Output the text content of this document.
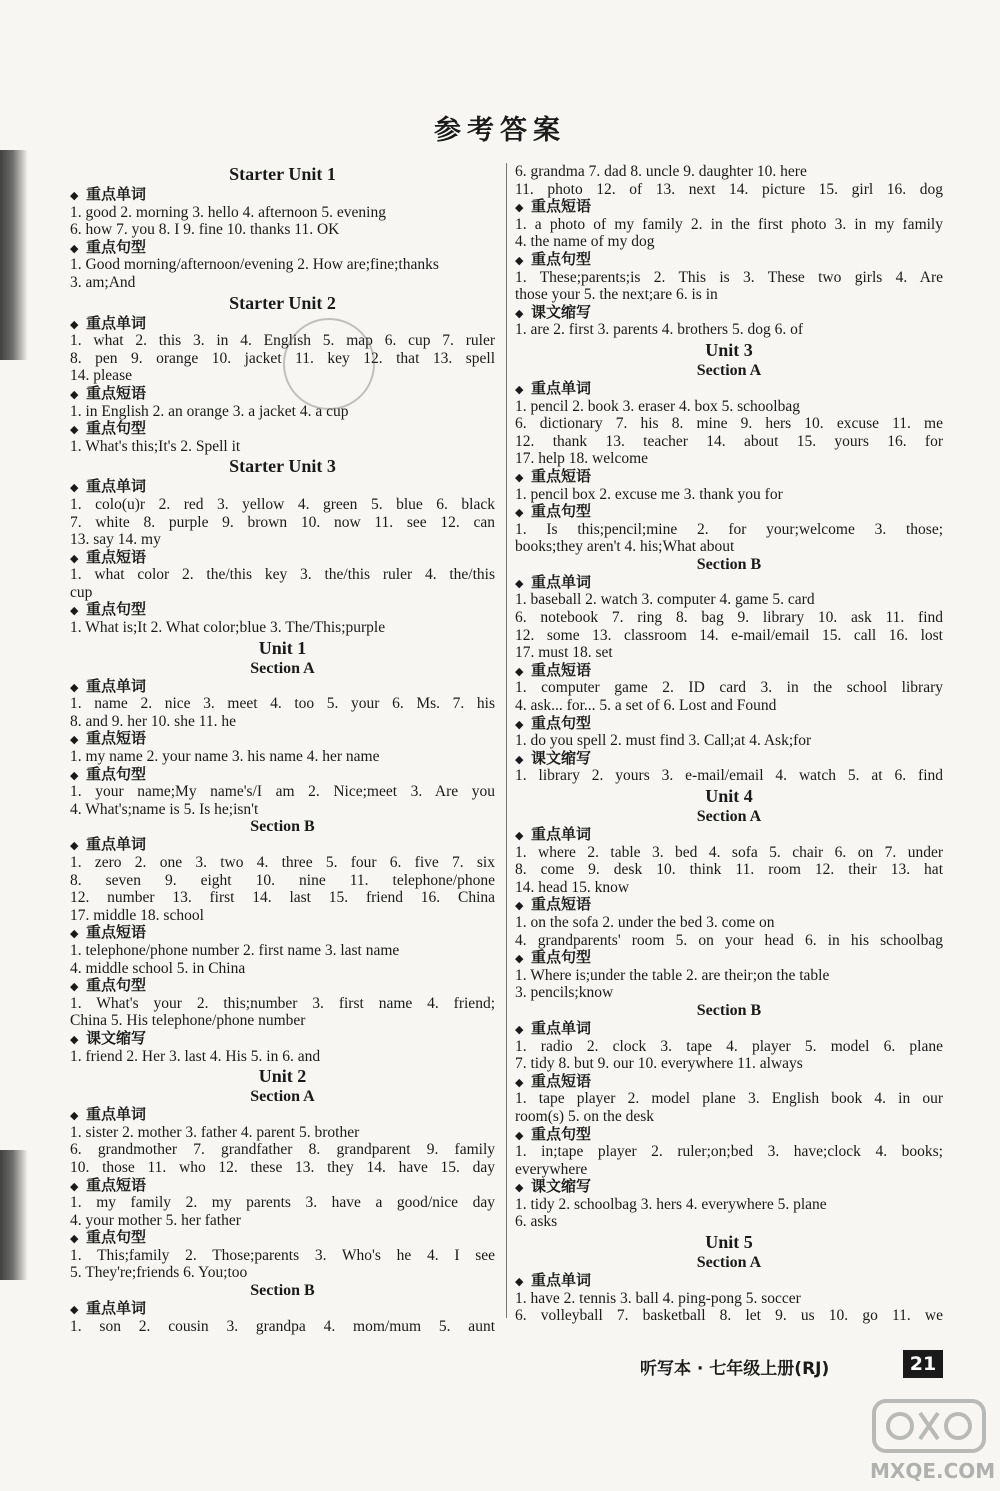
参考答案
Starter Unit 1
◆ 重点单词
1. good 2. morning 3. hello 4. afternoon 5. evening
6. how 7. you 8. I 9. fine 10. thanks 11. OK
◆ 重点句型
1. Good morning/afternoon/evening 2. How are;fine;thanks
3. am;And
Starter Unit 2
◆ 重点单词
1. what 2. this 3. in 4. English 5. map 6. cup 7. ruler
8. pen 9. orange 10. jacket 11. key 12. that 13. spell
14. please
◆ 重点短语
1. in English 2. an orange 3. a jacket 4. a cup
◆ 重点句型
1. What's this;It's 2. Spell it
Starter Unit 3
◆ 重点单词
1. colo(u)r 2. red 3. yellow 4. green 5. blue 6. black
7. white 8. purple 9. brown 10. now 11. see 12. can
13. say 14. my
◆ 重点短语
1. what color 2. the/this key 3. the/this ruler 4. the/this
cup
◆ 重点句型
1. What is;It 2. What color;blue 3. The/This;purple
Unit 1
Section A
◆ 重点单词
1. name 2. nice 3. meet 4. too 5. your 6. Ms. 7. his
8. and 9. her 10. she 11. he
◆ 重点短语
1. my name 2. your name 3. his name 4. her name
◆ 重点句型
1. your name;My name's/I am 2. Nice;meet 3. Are you
4. What's;name is 5. Is he;isn't
Section B
◆ 重点单词
1. zero 2. one 3. two 4. three 5. four 6. five 7. six
8. seven 9. eight 10. nine 11. telephone/phone
12. number 13. first 14. last 15. friend 16. China
17. middle 18. school
◆ 重点短语
1. telephone/phone number 2. first name 3. last name
4. middle school 5. in China
◆ 重点句型
1. What's your 2. this;number 3. first name 4. friend;
China 5. His telephone/phone number
◆ 课文缩写
1. friend 2. Her 3. last 4. His 5. in 6. and
Unit 2
Section A
◆ 重点单词
1. sister 2. mother 3. father 4. parent 5. brother
6. grandmother 7. grandfather 8. grandparent 9. family
10. those 11. who 12. these 13. they 14. have 15. day
◆ 重点短语
1. my family 2. my parents 3. have a good/nice day
4. your mother 5. her father
◆ 重点句型
1. This;family 2. Those;parents 3. Who's he 4. I see
5. They're;friends 6. You;too
Section B
◆ 重点单词
1. son 2. cousin 3. grandpa 4. mom/mum 5. aunt
6. grandma 7. dad 8. uncle 9. daughter 10. here
11. photo 12. of 13. next 14. picture 15. girl 16. dog
◆ 重点短语
1. a photo of my family 2. in the first photo 3. in my family
4. the name of my dog
◆ 重点句型
1. These;parents;is 2. This is 3. These two girls 4. Are
those your 5. the next;are 6. is in
◆ 课文缩写
1. are 2. first 3. parents 4. brothers 5. dog 6. of
Unit 3
Section A
◆ 重点单词
1. pencil 2. book 3. eraser 4. box 5. schoolbag
6. dictionary 7. his 8. mine 9. hers 10. excuse 11. me
12. thank 13. teacher 14. about 15. yours 16. for
17. help 18. welcome
◆ 重点短语
1. pencil box 2. excuse me 3. thank you for
◆ 重点句型
1. Is this;pencil;mine 2. for your;welcome 3. those;
books;they aren't 4. his;What about
Section B
◆ 重点单词
1. baseball 2. watch 3. computer 4. game 5. card
6. notebook 7. ring 8. bag 9. library 10. ask 11. find
12. some 13. classroom 14. e-mail/email 15. call 16. lost
17. must 18. set
◆ 重点短语
1. computer game 2. ID card 3. in the school library
4. ask... for... 5. a set of 6. Lost and Found
◆ 重点句型
1. do you spell 2. must find 3. Call;at 4. Ask;for
◆ 课文缩写
1. library 2. yours 3. e-mail/email 4. watch 5. at 6. find
Unit 4
Section A
◆ 重点单词
1. where 2. table 3. bed 4. sofa 5. chair 6. on 7. under
8. come 9. desk 10. think 11. room 12. their 13. hat
14. head 15. know
◆ 重点短语
1. on the sofa 2. under the bed 3. come on
4. grandparents' room 5. on your head 6. in his schoolbag
◆ 重点句型
1. Where is;under the table 2. are their;on the table
3. pencils;know
Section B
◆ 重点单词
1. radio 2. clock 3. tape 4. player 5. model 6. plane
7. tidy 8. but 9. our 10. everywhere 11. always
◆ 重点短语
1. tape player 2. model plane 3. English book 4. in our
room(s) 5. on the desk
◆ 重点句型
1. in;tape player 2. ruler;on;bed 3. have;clock 4. books;
everywhere
◆ 课文缩写
1. tidy 2. schoolbag 3. hers 4. everywhere 5. plane
6. asks
Unit 5
Section A
◆ 重点单词
1. have 2. tennis 3. ball 4. ping-pong 5. soccer
6. volleyball 7. basketball 8. let 9. us 10. go 11. we
听写本 · 七年级上册(RJ)	21
MXQE.COM
